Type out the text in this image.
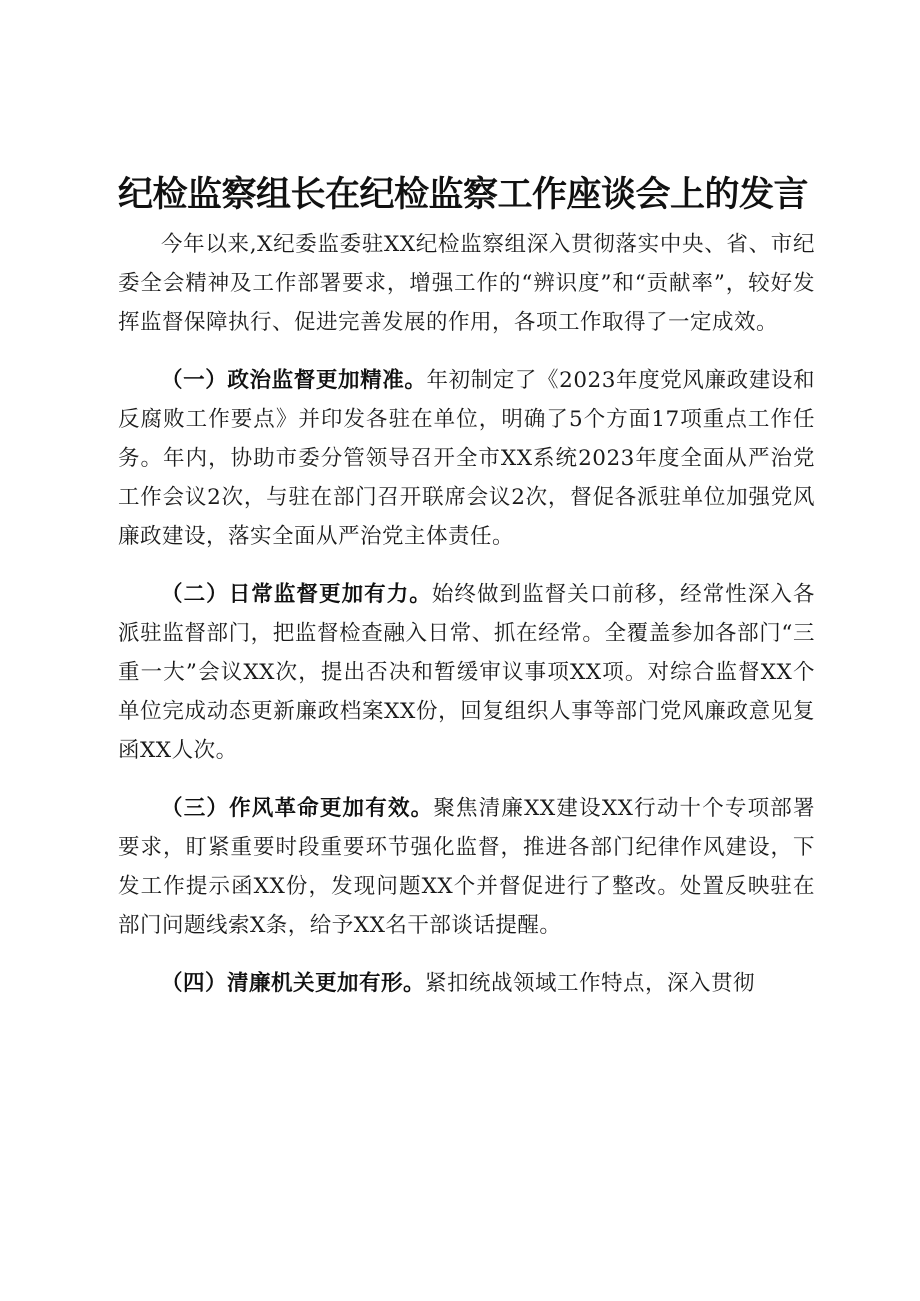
纪检监察组长在纪检监察工作座谈会上的发言

今年以来,X纪委监委驻XX纪检监察组深入贯彻落实中央、省、市纪委全会精神及工作部署要求，增强工作的“辨识度”和“贡献率”，较好发挥监督保障执行、促进完善发展的作用，各项工作取得了一定成效。

（一）政治监督更加精准。年初制定了《2023年度党风廉政建设和反腐败工作要点》并印发各驻在单位，明确了5个方面17项重点工作任务。年内，协助市委分管领导召开全市XX系统2023年度全面从严治党工作会议2次，与驻在部门召开联席会议2次，督促各派驻单位加强党风廉政建设，落实全面从严治党主体责任。

（二）日常监督更加有力。始终做到监督关口前移，经常性深入各派驻监督部门，把监督检查融入日常、抓在经常。全覆盖参加各部门“三重一大”会议XX次，提出否决和暂缓审议事项XX项。对综合监督XX个单位完成动态更新廉政档案XX份，回复组织人事等部门党风廉政意见复函XX人次。

（三）作风革命更加有效。聚焦清廉XX建设XX行动十个专项部署要求，盯紧重要时段重要环节强化监督，推进各部门纪律作风建设，下发工作提示函XX份，发现问题XX个并督促进行了整改。处置反映驻在部门问题线索X条，给予XX名干部谈话提醒。

（四）清廉机关更加有形。紧扣统战领域工作特点，深入贯彻
